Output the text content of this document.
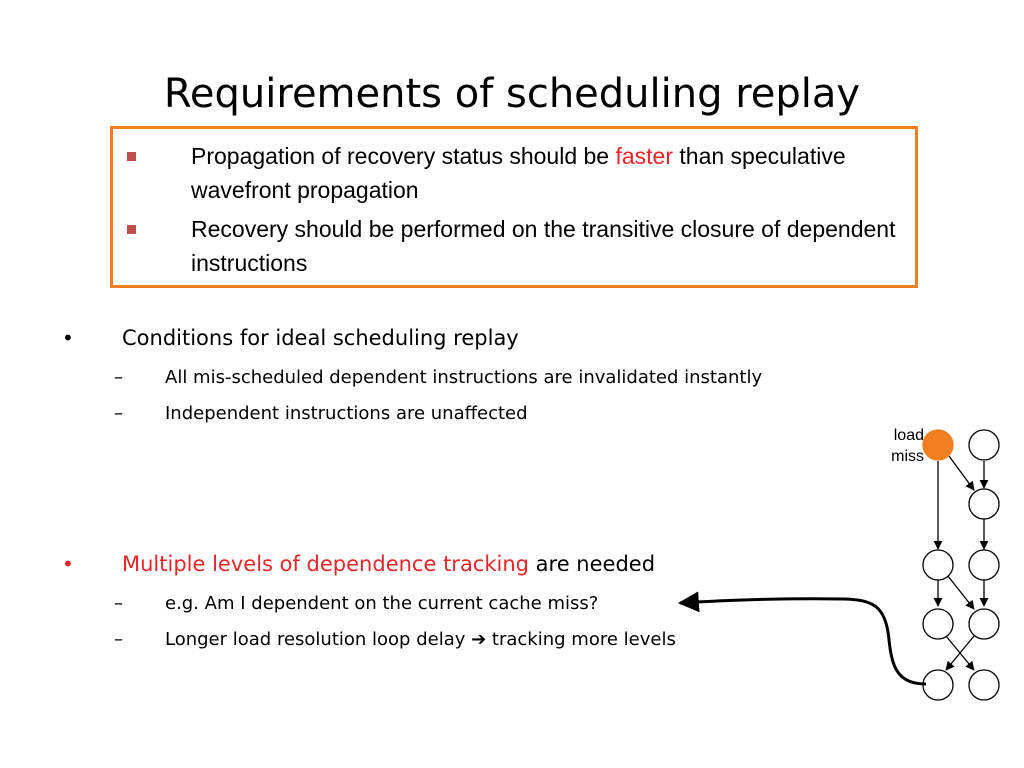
Requirements of scheduling replay
Propagation of recovery status should be faster than speculative wavefront propagation
Recovery should be performed on the transitive closure of dependent instructions
• Conditions for ideal scheduling replay
– All mis-scheduled dependent instructions are invalidated instantly
– Independent instructions are unaffected
• Multiple levels of dependence tracking are needed
– e.g. Am I dependent on the current cache miss?
– Longer load resolution loop delay ➔ tracking more levels
load
miss
